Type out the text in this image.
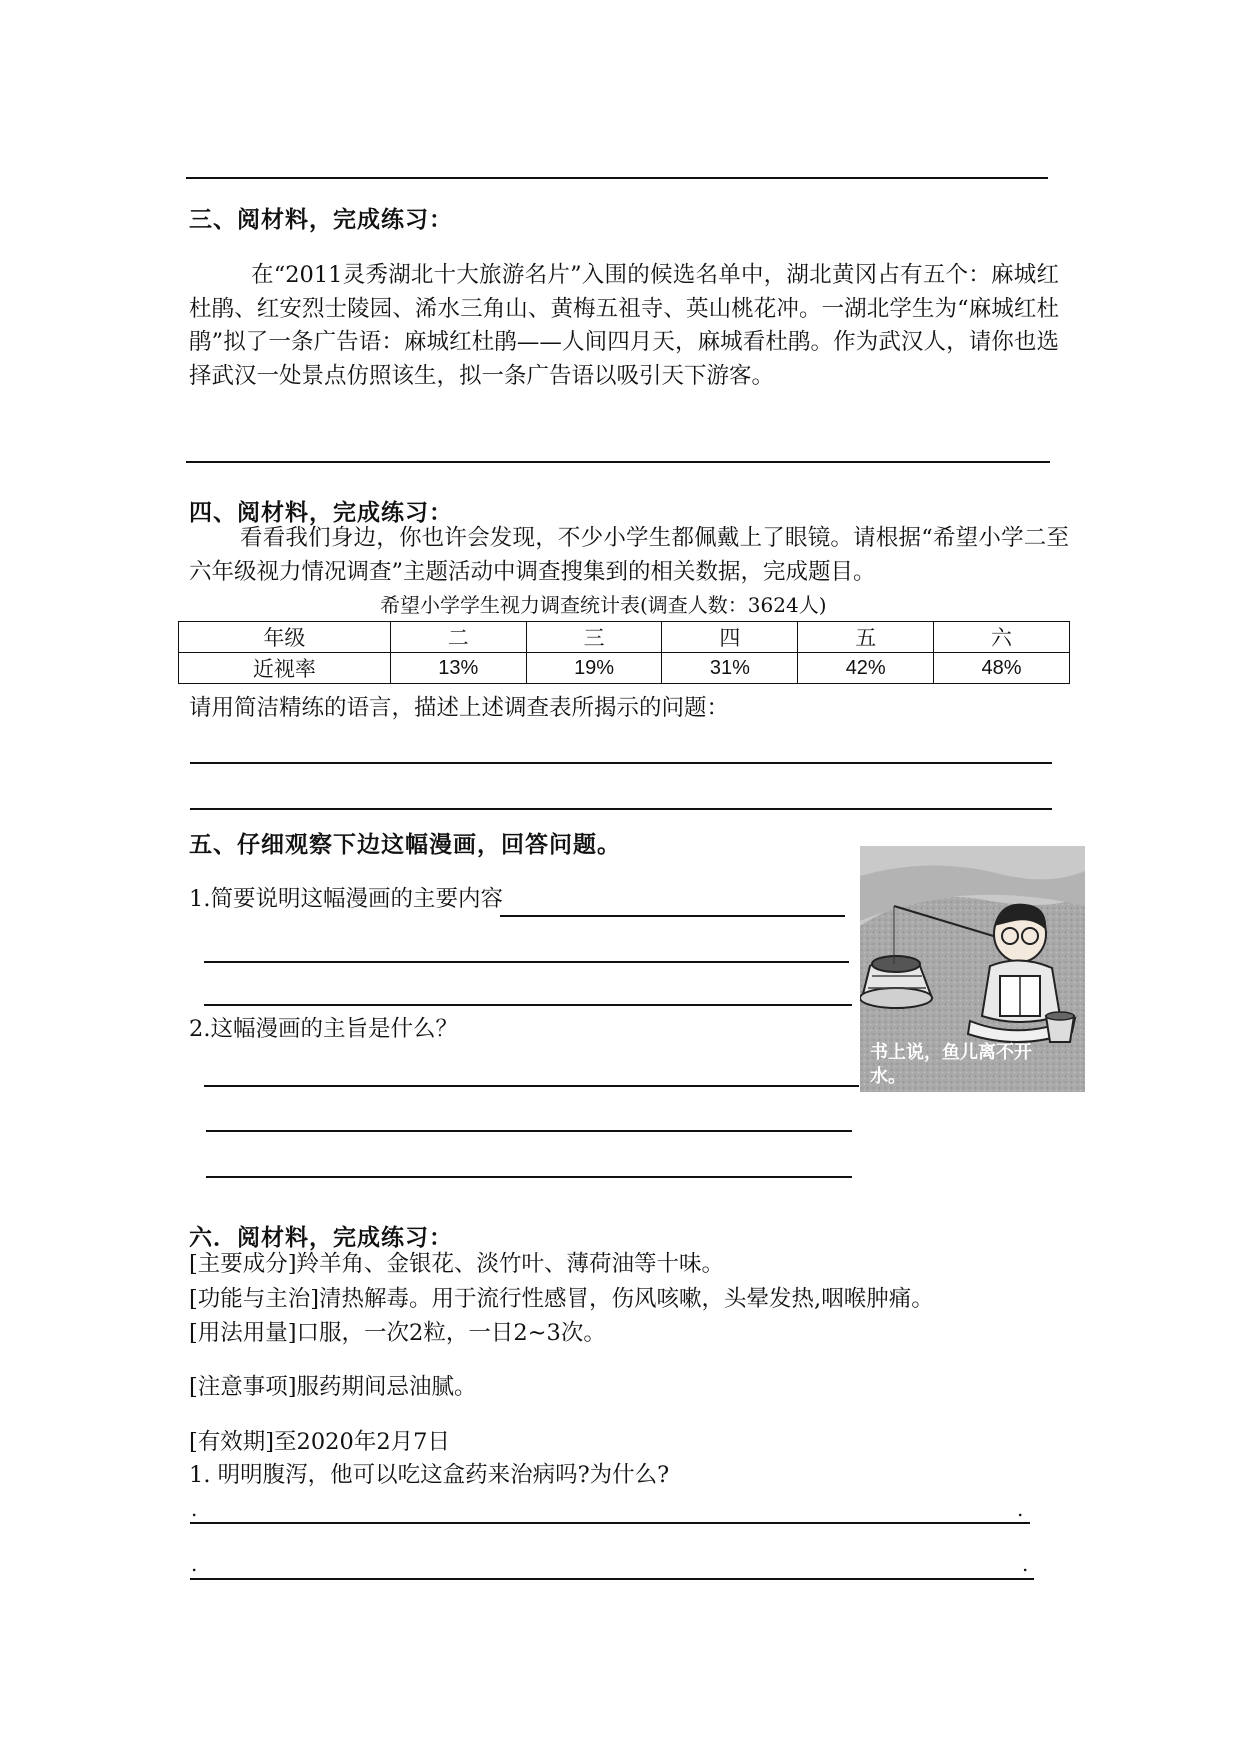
三、阅材料，完成练习：
在“2011灵秀湖北十大旅游名片”入围的候选名单中，湖北黄冈占有五个：麻城红杜鹃、红安烈士陵园、浠水三角山、黄梅五祖寺、英山桃花冲。一湖北学生为“麻城红杜鹃”拟了一条广告语：麻城红杜鹃——人间四月天，麻城看杜鹃。作为武汉人，请你也选择武汉一处景点仿照该生，拟一条广告语以吸引天下游客。
四、阅材料，完成练习：
看看我们身边，你也许会发现，不少小学生都佩戴上了眼镜。请根据“希望小学二至六年级视力情况调查”主题活动中调查搜集到的相关数据，完成题目。
希望小学学生视力调查统计表(调查人数：3624人)
年级	二	三	四	五	六
近视率	13%	19%	31%	42%	48%
请用简洁精练的语言，描述上述调查表所揭示的问题：
五、仔细观察下边这幅漫画，回答问题。
1.简要说明这幅漫画的主要内容
2.这幅漫画的主旨是什么？
书上说，鱼儿离不开
水。
六．阅材料，完成练习：
[主要成分]羚羊角、金银花、淡竹叶、薄荷油等十味。
[功能与主治]清热解毒。用于流行性感冒，伤风咳嗽，头晕发热,咽喉肿痛。
[用法用量]口服，一次2粒，一日2~3次。
[注意事项]服药期间忌油腻。
[有效期]至2020年2月7日
1. 明明腹泻，他可以吃这盒药来治病吗?为什么?
.	.
.	.
